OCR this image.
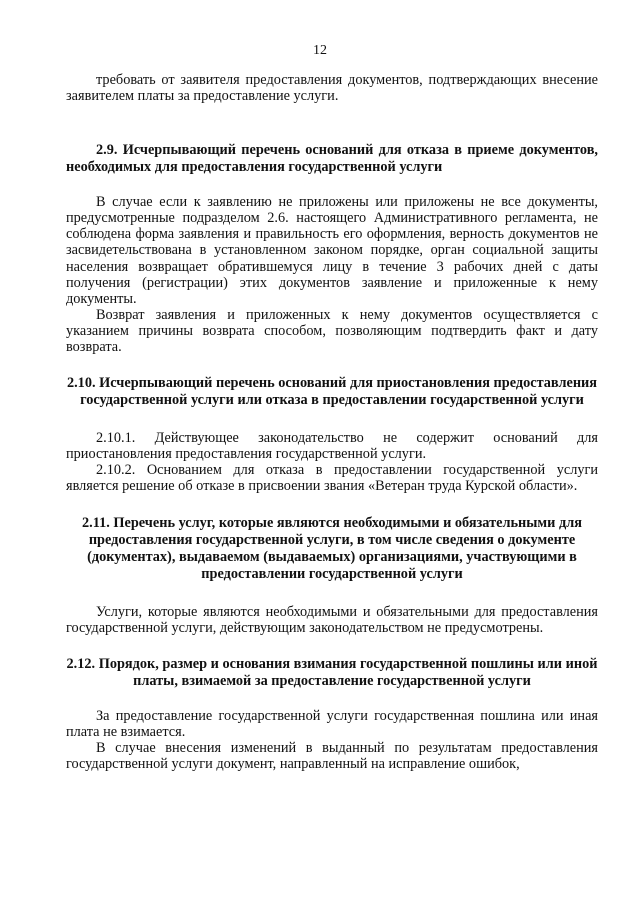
12

требовать от заявителя предоставления документов, подтверждающих внесение заявителем платы за предоставление услуги.

2.9. Исчерпывающий перечень оснований для отказа в приеме документов, необходимых для предоставления государственной услуги

В случае если к заявлению не приложены или приложены не все документы, предусмотренные подразделом 2.6. настоящего Административного регламента, не соблюдена форма заявления и правильность его оформления, верность документов не засвидетельствована в установленном законом порядке, орган социальной защиты населения возвращает обратившемуся лицу в течение 3 рабочих дней с даты получения (регистрации) этих документов заявление и приложенные к нему документы.

Возврат заявления и приложенных к нему документов осуществляется с указанием причины возврата способом, позволяющим подтвердить факт и дату возврата.

2.10. Исчерпывающий перечень оснований для приостановления предоставления государственной услуги или отказа в предоставлении государственной услуги

2.10.1. Действующее законодательство не содержит оснований для приостановления предоставления государственной услуги.

2.10.2. Основанием для отказа в предоставлении государственной услуги является решение об отказе в присвоении звания «Ветеран труда Курской области».

2.11. Перечень услуг, которые являются необходимыми и обязательными для предоставления государственной услуги, в том числе сведения о документе (документах), выдаваемом (выдаваемых) организациями, участвующими в предоставлении государственной услуги

Услуги, которые являются необходимыми и обязательными для предоставления государственной услуги, действующим законодательством не предусмотрены.

2.12. Порядок, размер и основания взимания государственной пошлины или иной платы, взимаемой за предоставление государственной услуги

За предоставление государственной услуги государственная пошлина или иная плата не взимается.

В случае внесения изменений в выданный по результатам предоставления государственной услуги документ, направленный на исправление ошибок,
